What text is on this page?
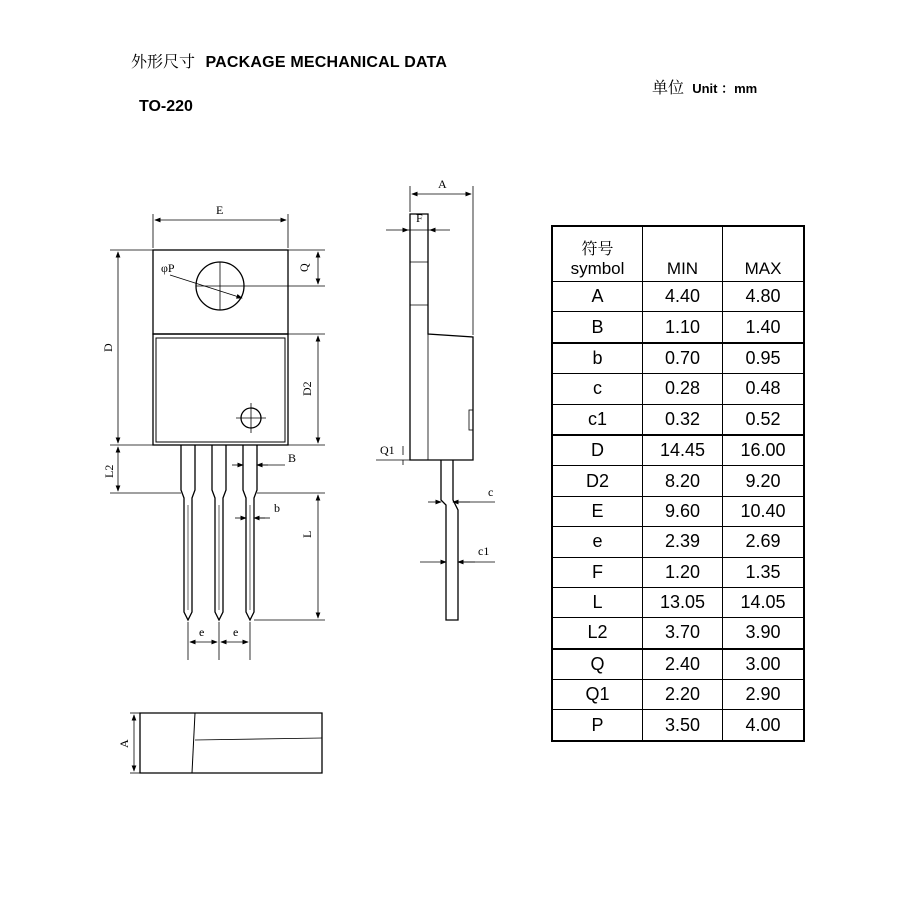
外形尺寸 PACKAGE MECHANICAL DATA
单位 Unit ：mm
TO-220
E
φP	Q
D
D2
L2
L
B
b
e e
A
F
Q1
c
c1
A
符号
symbol	MIN	MAX
A	4.40	4.80
B	1.10	1.40
b	0.70	0.95
c	0.28	0.48
c1	0.32	0.52
D	14.45	16.00
D2	8.20	9.20
E	9.60	10.40
e	2.39	2.69
F	1.20	1.35
L	13.05	14.05
L2	3.70	3.90
Q	2.40	3.00
Q1	2.20	2.90
P	3.50	4.00
